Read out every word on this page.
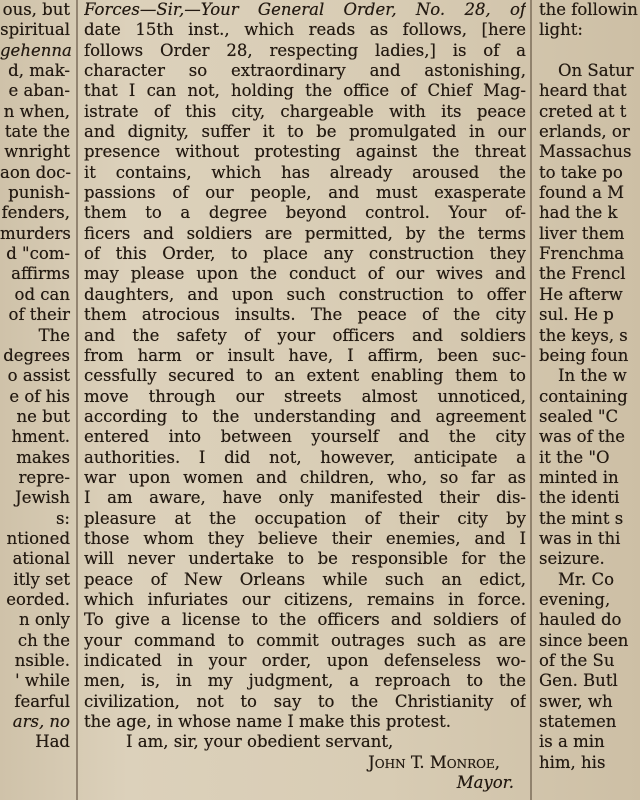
ous, but
spiritual
gehenna
d, mak-
e aban-
n when,
tate the
wnright
aon doc-
punish-
fenders,
murders
d "com-
affirms
od can
of their
The
degrees
o assist
e of his
ne but
hment.
makes
repre-
Jewish
s:
ntioned
ational
itly set
eorded.
n only
ch the
nsible.
' while
fearful
ars, no
Had
Forces—Sir,—Your General Order, No. 28, of
date 15th inst., which reads as follows, [here
follows Order 28, respecting ladies,] is of a
character so extraordinary and astonishing,
that I can not, holding the office of Chief Mag-
istrate of this city, chargeable with its peace
and dignity, suffer it to be promulgated in our
presence without protesting against the threat
it contains, which has already aroused the
passions of our people, and must exasperate
them to a degree beyond control. Your of-
ficers and soldiers are permitted, by the terms
of this Order, to place any construction they
may please upon the conduct of our wives and
daughters, and upon such construction to offer
them atrocious insults. The peace of the city
and the safety of your officers and soldiers
from harm or insult have, I affirm, been suc-
cessfully secured to an extent enabling them to
move through our streets almost unnoticed,
according to the understanding and agreement
entered into between yourself and the city
authorities. I did not, however, anticipate a
war upon women and children, who, so far as
I am aware, have only manifested their dis-
pleasure at the occupation of their city by
those whom they believe their enemies, and I
will never undertake to be responsible for the
peace of New Orleans while such an edict,
which infuriates our citizens, remains in force.
To give a license to the officers and soldiers of
your command to commit outrages such as are
indicated in your order, upon defenseless wo-
men, is, in my judgment, a reproach to the
civilization, not to say to the Christianity of
the age, in whose name I make this protest.
I am, sir, your obedient servant,
John T. Monroe,
Mayor.
the followin
light:
On Satur
heard that
creted at t
erlands, or
Massachus
to take po
found a M
had the k
liver them
Frenchma
the Frencl
He afterw
sul. He p
the keys, s
being foun
In the w
containing
sealed "C
was of the
it the "O
minted in
the identi
the mint s
was in thi
seizure.
Mr. Co
evening,
hauled do
since been
of the Su
Gen. Butl
swer, wh
statemen
is a min
him, his
